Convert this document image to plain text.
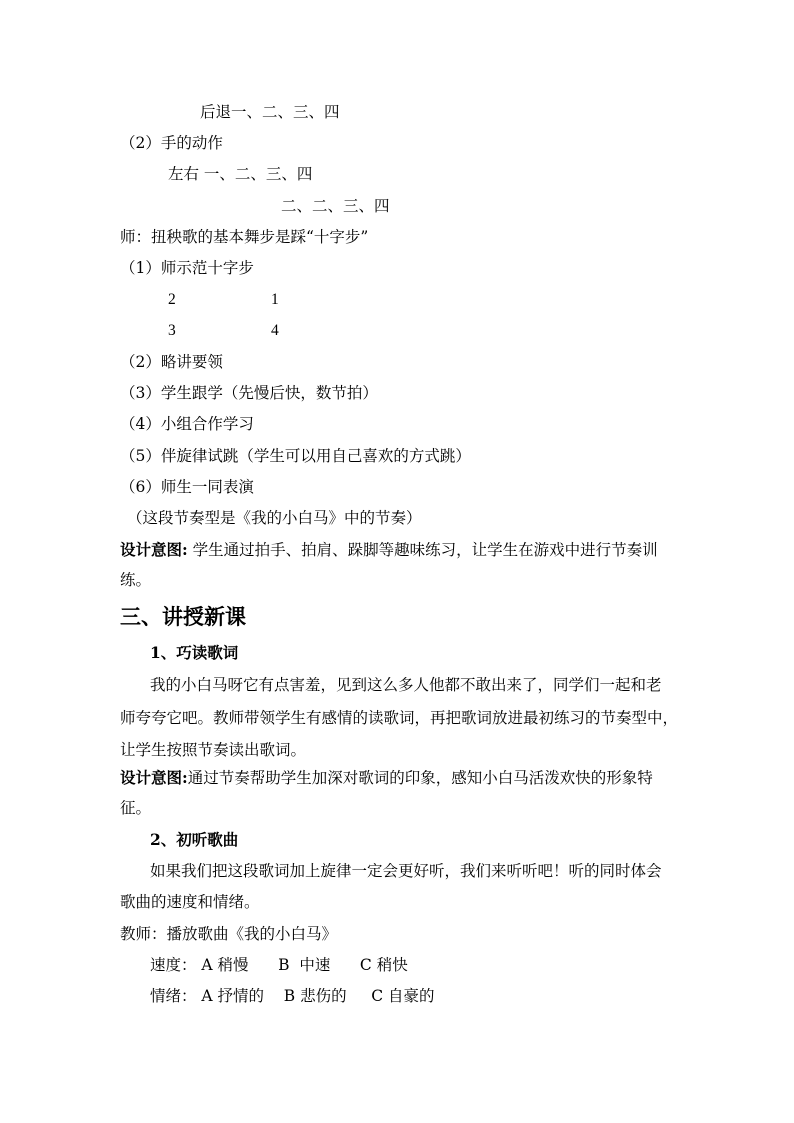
后退一、二、三、四
（2）手的动作
左右 一、二、三、四
二、二、三、四
师：扭秧歌的基本舞步是踩“十字步”
（1）师示范十字步
2	1
3	4
（2）略讲要领
（3）学生跟学（先慢后快，数节拍）
（4）小组合作学习
（5）伴旋律试跳（学生可以用自己喜欢的方式跳）
（6）师生一同表演
（这段节奏型是《我的小白马》中的节奏）
设计意图: 学生通过拍手、拍肩、跺脚等趣味练习，让学生在游戏中进行节奏训
练。
三、讲授新课
1、巧读歌词
我的小白马呀它有点害羞，见到这么多人他都不敢出来了，同学们一起和老
师夸夸它吧。教师带领学生有感情的读歌词，再把歌词放进最初练习的节奏型中，
让学生按照节奏读出歌词。
设计意图:通过节奏帮助学生加深对歌词的印象，感知小白马活泼欢快的形象特
征。
2、初听歌曲
如果我们把这段歌词加上旋律一定会更好听，我们来听听吧！听的同时体会
歌曲的速度和情绪。
教师：播放歌曲《我的小白马》
速度： A 稍慢      B  中速      C 稍快
情绪： A 抒情的    B 悲伤的     C 自豪的
